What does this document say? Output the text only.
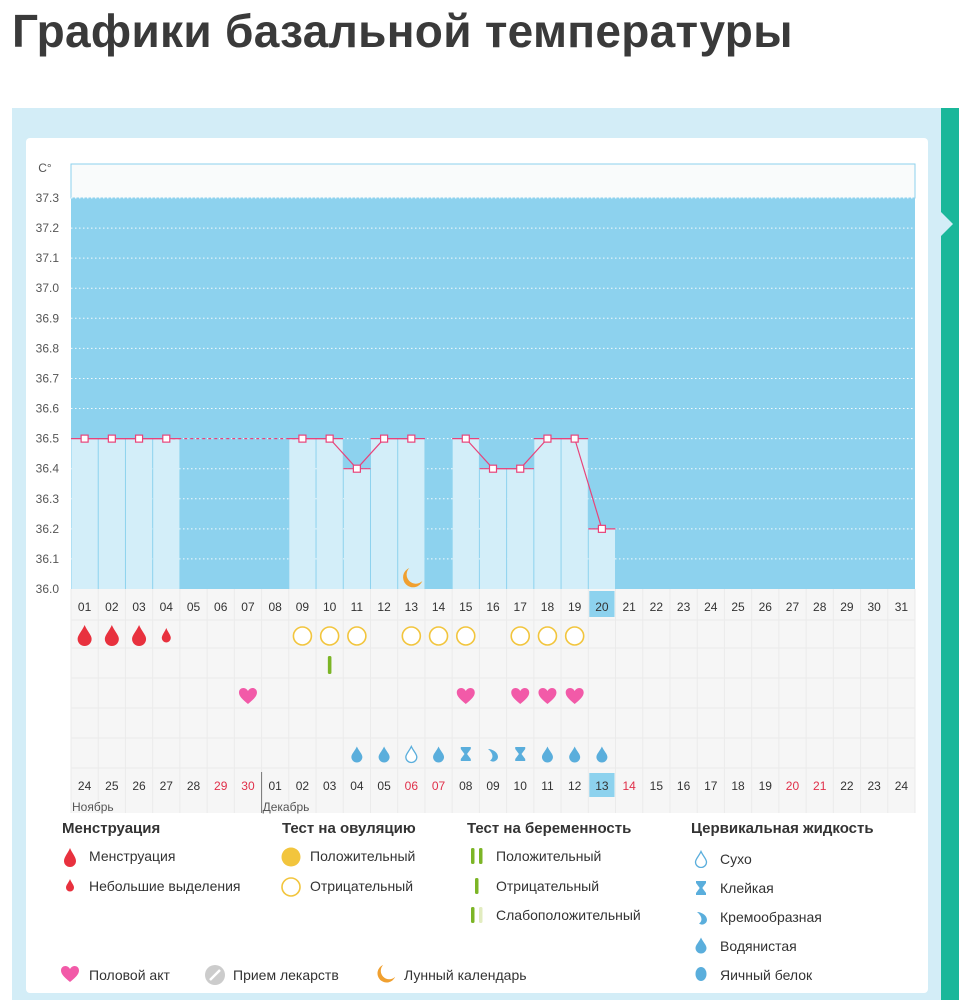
Графики базальной температуры
C°
36.0
36.1
36.2
36.3
36.4
36.5
36.6
36.7
36.8
36.9
37.0
37.1
37.2
37.3
01 02 03 04 05 06 07 08 09 10 11 12 13 14 15 16 17 18 19 20 21 22 23 24 25 26 27 28 29 30 31
24 25 26 27 28 29 30 01 02 03 04 05 06 07 08 09 10 11 12 13 14 15 16 17 18 19 20 21 22 23 24
Ноябрь	Декабрь
Менструация
Менструация
Небольшие выделения
Тест на овуляцию
Положительный
Отрицательный
Тест на беременность
Положительный
Отрицательный
Слабоположительный
Цервикальная жидкость
Сухо
Клейкая
Кремообразная
Водянистая
Яичный белок
Половой акт	Прием лекарств	Лунный календарь
